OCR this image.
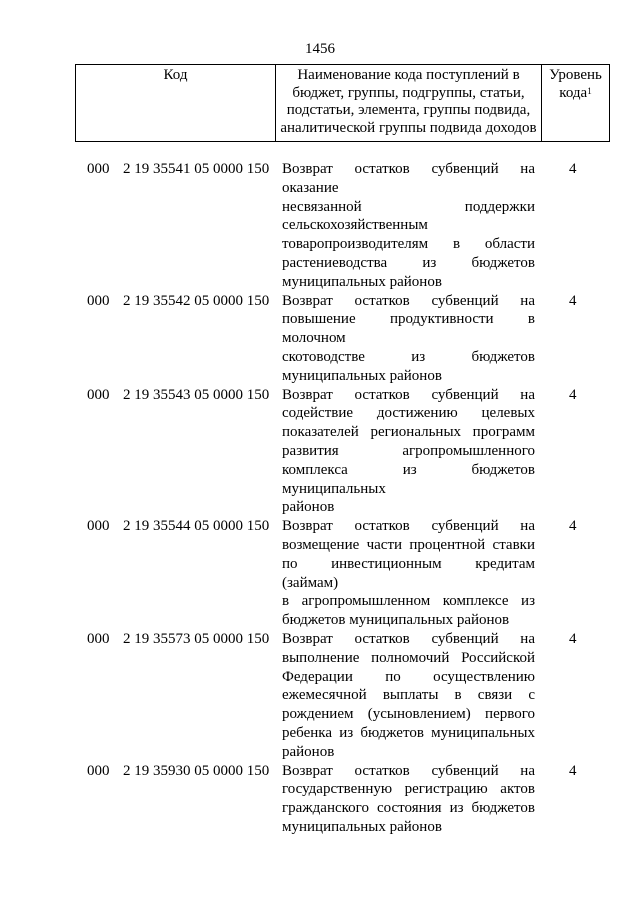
1456
Код	Наименование кода поступлений в бюджет, группы, подгруппы, статьи, подстатьи, элемента, группы подвида, аналитической группы подвида доходов
Уровень кода$^1$
000 2 19 35541 05 0000 150 Возврат остатков субвенций на оказание
несвязанной поддержки
сельскохозяйственным
товаропроизводителям в области
растениеводства из бюджетов
муниципальных районов
4
000 2 19 35542 05 0000 150 Возврат остатков субвенций на
повышение продуктивности в молочном
скотоводстве из бюджетов
муниципальных районов
4
000 2 19 35543 05 0000 150 Возврат остатков субвенций на
содействие достижению целевых
показателей региональных программ
развития агропромышленного
комплекса из бюджетов муниципальных
районов
4
000 2 19 35544 05 0000 150 Возврат остатков субвенций на
возмещение части процентной ставки
по инвестиционным кредитам (займам)
в агропромышленном комплексе из
бюджетов муниципальных районов
4
000 2 19 35573 05 0000 150 Возврат остатков субвенций на
выполнение полномочий Российской
Федерации по осуществлению
ежемесячной выплаты в связи с
рождением (усыновлением) первого
ребенка из бюджетов муниципальных
районов
4
000 2 19 35930 05 0000 150 Возврат остатков субвенций на
государственную регистрацию актов
гражданского состояния из бюджетов
муниципальных районов
4
